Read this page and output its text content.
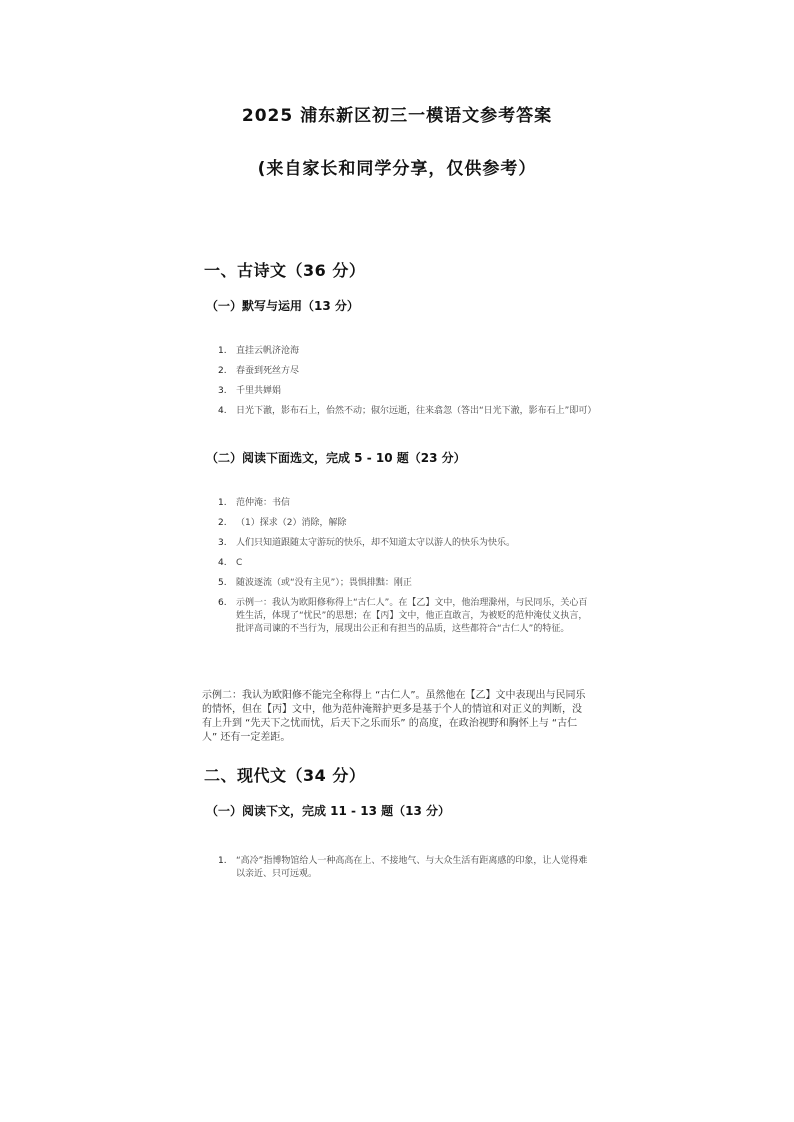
2025 浦东新区初三一模语文参考答案
(来自家长和同学分享，仅供参考）
一、古诗文（36 分）
（一）默写与运用（13 分）
1. 直挂云帆济沧海
2. 春蚕到死丝方尽
3. 千里共婵娟
4. 日光下澈，影布石上，佁然不动；俶尔远逝，往来翕忽（答出“日光下澈，影布石上”即可）
（二）阅读下面选文，完成 5 - 10 题（23 分）
1. 范仲淹：书信
2. （1）探求（2）消除，解除
3. 人们只知道跟随太守游玩的快乐，却不知道太守以游人的快乐为快乐。
4. C
5. 随波逐流（或“没有主见”）；畏惧排黜：刚正
6. 示例一：我认为欧阳修称得上“古仁人”。在【乙】文中，他治理滁州，与民同乐，关心百姓生活，体现了“忧民”的思想；在【丙】文中，他正直敢言，为被贬的范仲淹仗义执言，批评高司谏的不当行为，展现出公正和有担当的品质，这些都符合“古仁人”的特征。

示例二：我认为欧阳修不能完全称得上 “古仁人”。虽然他在【乙】文中表现出与民同乐的情怀，但在【丙】文中，他为范仲淹辩护更多是基于个人的情谊和对正义的判断，没有上升到 “先天下之忧而忧，后天下之乐而乐” 的高度，在政治视野和胸怀上与 “古仁人” 还有一定差距。

二、现代文（34 分）
（一）阅读下文，完成 11 - 13 题（13 分）
1. “高冷”指博物馆给人一种高高在上、不接地气、与大众生活有距离感的印象，让人觉得难以亲近、只可远观。
